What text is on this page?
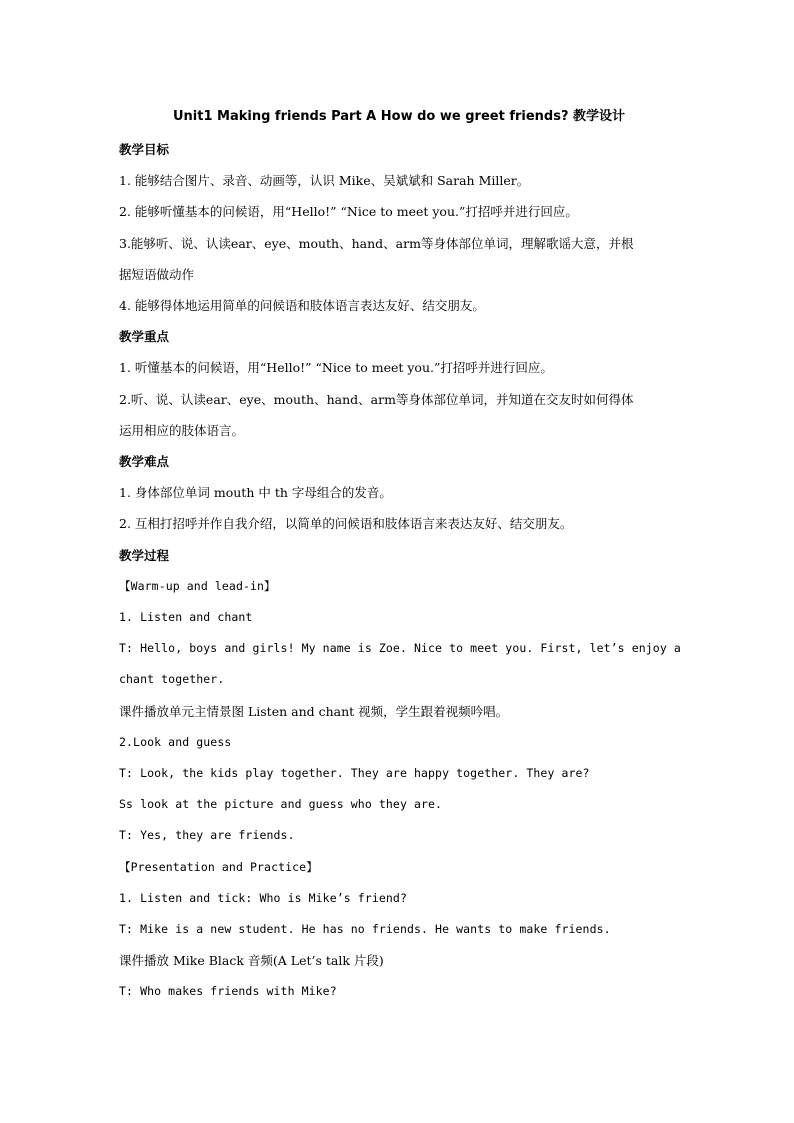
Unit1 Making friends Part A How do we greet friends? 教学设计

教学目标

1. 能够结合图片、录音、动画等，认识 Mike、吴斌斌和 Sarah Miller。

2. 能够听懂基本的问候语，用“Hello!” “Nice to meet you.”打招呼并进行回应。

3.能够听、说、认读ear、eye、mouth、hand、arm等身体部位单词，理解歌谣大意，并根

据短语做动作

4. 能够得体地运用简单的问候语和肢体语言表达友好、结交朋友。

教学重点

1. 听懂基本的问候语，用“Hello!” “Nice to meet you.”打招呼并进行回应。

2.听、说、认读ear、eye、mouth、hand、arm等身体部位单词，并知道在交友时如何得体

运用相应的肢体语言。

教学难点

1. 身体部位单词 mouth 中 th 字母组合的发音。

2. 互相打招呼并作自我介绍，以简单的问候语和肢体语言来表达友好、结交朋友。

教学过程

【Warm-up and lead-in】

1. Listen and chant

T: Hello, boys and girls! My name is Zoe. Nice to meet you. First, let’s enjoy a

chant together.

课件播放单元主情景图 Listen and chant 视频，学生跟着视频吟唱。

2.Look and guess

T: Look, the kids play together. They are happy together. They are?

Ss look at the picture and guess who they are.

T: Yes, they are friends.

【Presentation and Practice】

1. Listen and tick: Who is Mike’s friend?

T: Mike is a new student. He has no friends. He wants to make friends.

课件播放 Mike Black 音频(A Let’s talk 片段)

T: Who makes friends with Mike?
